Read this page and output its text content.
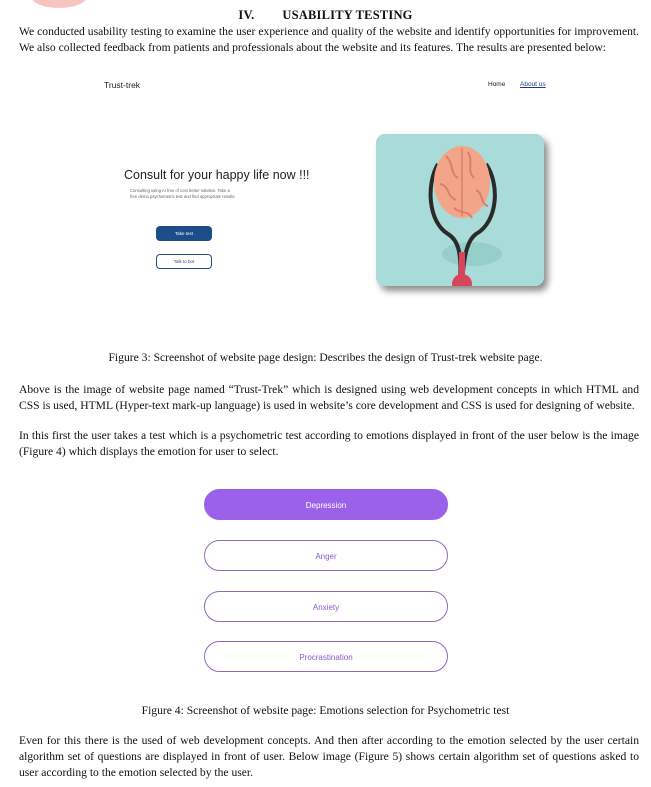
IV. USABILITY TESTING
We conducted usability testing to examine the user experience and quality of the website and identify opportunities for improvement. We also collected feedback from patients and professionals about the website and its features. The results are presented below:
Trust-trek	Home About us
Consult for your happy life now !!!
Consulting using AI free of cost better solution. Take a free demo psychometric test and find appropriate results.
Take test
Talk to bot
Figure 3: Screenshot of website page design: Describes the design of Trust-trek website page.
Above is the image of website page named “Trust-Trek” which is designed using web development concepts in which HTML and CSS is used, HTML (Hyper-text mark-up language) is used in website’s core development and CSS is used for designing of website.
In this first the user takes a test which is a psychometric test according to emotions displayed in front of the user below is the image (Figure 4) which displays the emotion for user to select.
Depression
Anger
Anxiety
Procrastination
Figure 4: Screenshot of website page: Emotions selection for Psychometric test
Even for this there is the used of web development concepts. And then after according to the emotion selected by the user certain algorithm set of questions are displayed in front of user. Below image (Figure 5) shows certain algorithm set of questions asked to user according to the emotion selected by the user.
